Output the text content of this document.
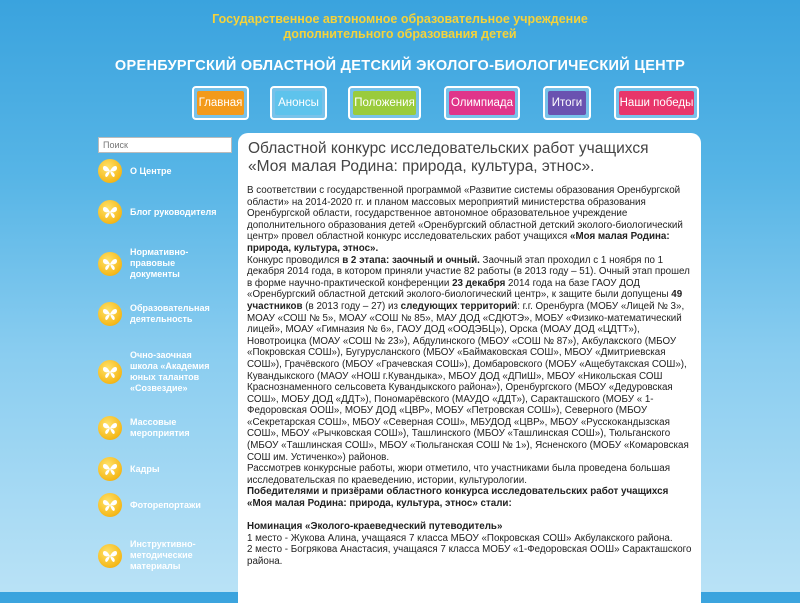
Государственное автономное образовательное учреждение
дополнительного образования детей
ОРЕНБУРГСКИЙ ОБЛАСТНОЙ ДЕТСКИЙ ЭКОЛОГО-БИОЛОГИЧЕСКИЙ ЦЕНТР
Главная	Анонсы	Положения	Олимпиада	Итоги	Наши победы
Поиск
О Центре
Блог руководителя
Нормативно-правовые документы
Образовательная деятельность
Очно-заочная школа «Академия юных талантов «Созвездие»
Массовые мероприятия
Кадры
Фоторепортажи
Инструктивно-методические материалы
Областной конкурс исследовательских работ учащихся «Моя малая Родина: природа, культура, этнос».

В соответствии с государственной программой «Развитие системы образования Оренбургской области» на 2014-2020 гг. и планом массовых мероприятий министерства образования Оренбургской области, государственное автономное образовательное учреждение дополнительного образования детей «Оренбургский областной детский эколого-биологический центр» провел областной конкурс исследовательских работ учащихся «Моя малая Родина: природа, культура, этнос».

Конкурс проводился в 2 этапа: заочный и очный. Заочный этап проходил с 1 ноября по 1 декабря 2014 года, в котором приняли участие 82 работы (в 2013 году – 51). Очный этап прошел в форме научно-практической конференции 23 декабря 2014 года на базе ГАОУ ДОД «Оренбургский областной детский эколого-биологический центр», к защите были допущены 49 участников (в 2013 году – 27) из следующих территорий: г.г. Оренбурга (МОБУ «Лицей № 3», МОАУ «СОШ № 5», МОАУ «СОШ № 85», МАУ ДОД «СДЮТЭ», МОБУ «Физико-математический лицей», МОАУ «Гимназия № 6», ГАОУ ДОД «ООДЭБЦ»), Орска (МОАУ ДОД «ЦДТТ»), Новотроицка (МОАУ «СОШ № 23»), Абдулинского (МБОУ «СОШ № 87»), Акбулакского (МБОУ «Покровская СОШ»), Бугурусланского (МБОУ «Баймаковская СОШ», МБОУ «Дмитриевская СОШ»), Грачёвского (МБОУ «Грачевская СОШ»), Домбаровского (МОБУ «Ащебутакская СОШ»), Кувандыкского (МАОУ «НОШ г.Кувандыка», МБОУ ДОД «ДПиШ», МБОУ «Никольская СОШ Краснознаменного сельсовета Кувандыкского района»), Оренбургского (МБОУ «Дедуровская СОШ», МОБУ ДОД «ДДТ»), Пономарёвского (МАУДО «ДДТ»), Саракташского (МОБУ « 1-Федоровская ООШ», МОБУ ДОД «ЦВР», МОБУ «Петровская СОШ»), Северного (МБОУ «Секретарская СОШ», МБОУ «Северная СОШ», МБУДОД «ЦВР», МБОУ «Русскокандызская СОШ», МБОУ «Рычковская СОШ»), Ташлинского (МБОУ «Ташлинская СОШ»), Тюльганского (МБОУ «Ташлинская СОШ», МБОУ «Тюльганская СОШ № 1»), Ясненского (МОБУ «Комаровская СОШ им. Устиченко») районов.

Рассмотрев конкурсные работы, жюри отметило, что участниками была проведена большая исследовательская по краеведению, истории, культурологии.

Победителями и призёрами областного конкурса исследовательских работ учащихся «Моя малая Родина: природа, культура, этнос» стали:

Номинация «Эколого-краеведческий путеводитель»

1 место - Жукова Алина, учащаяся 7 класса МБОУ «Покровская СОШ» Акбулакского района.

2 место - Богрякова Анастасия, учащаяся 7 класса МОБУ «1-Федоровская ООШ» Саракташского района.
